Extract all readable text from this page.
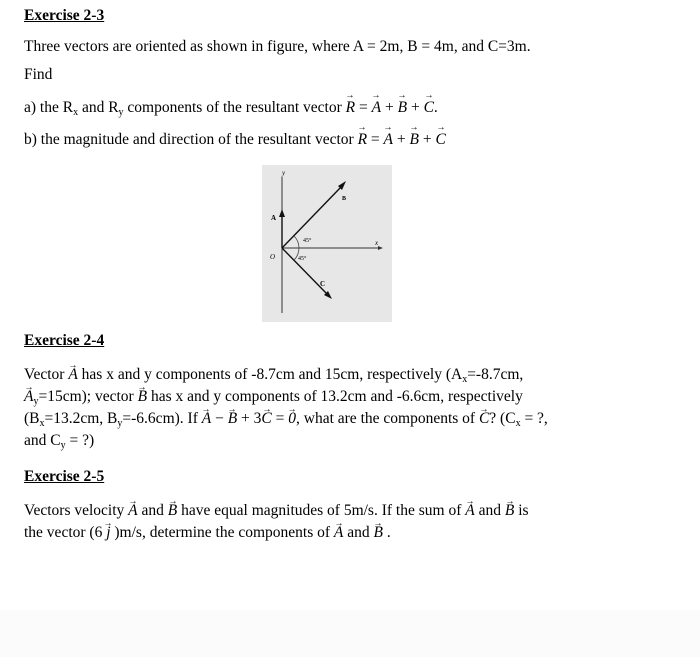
Exercise 2-3
Three vectors are oriented as shown in figure, where A = 2m, B = 4m, and C=3m.
Find
a) the $R_x$ and $R_y$ components of the resultant vector → R = → A + → B + → C.
b) the magnitude and direction of the resultant vector → R = → A + → B + → C
y
x
A
B
C
O
45°
45°
Exercise 2-4
Vector → A has x and y components of -8.7cm and 15cm, respectively ($A_x=-8.7cm$,
→ $A_y=15cm$); vector → B has x and y components of 13.2cm and -6.6cm, respectively
($B_x=13.2cm$, $B_y=-6.6cm$). If → A − → B + 3→ C = → 0, what are the components of → C? ($C_x$ = ?,
and $C_y$ = ?)
Exercise 2-5
Vectors velocity → A and → B have equal magnitudes of 5m/s. If the sum of → A and → B is
the vector (6 → j )m/s, determine the components of → A and → B .
